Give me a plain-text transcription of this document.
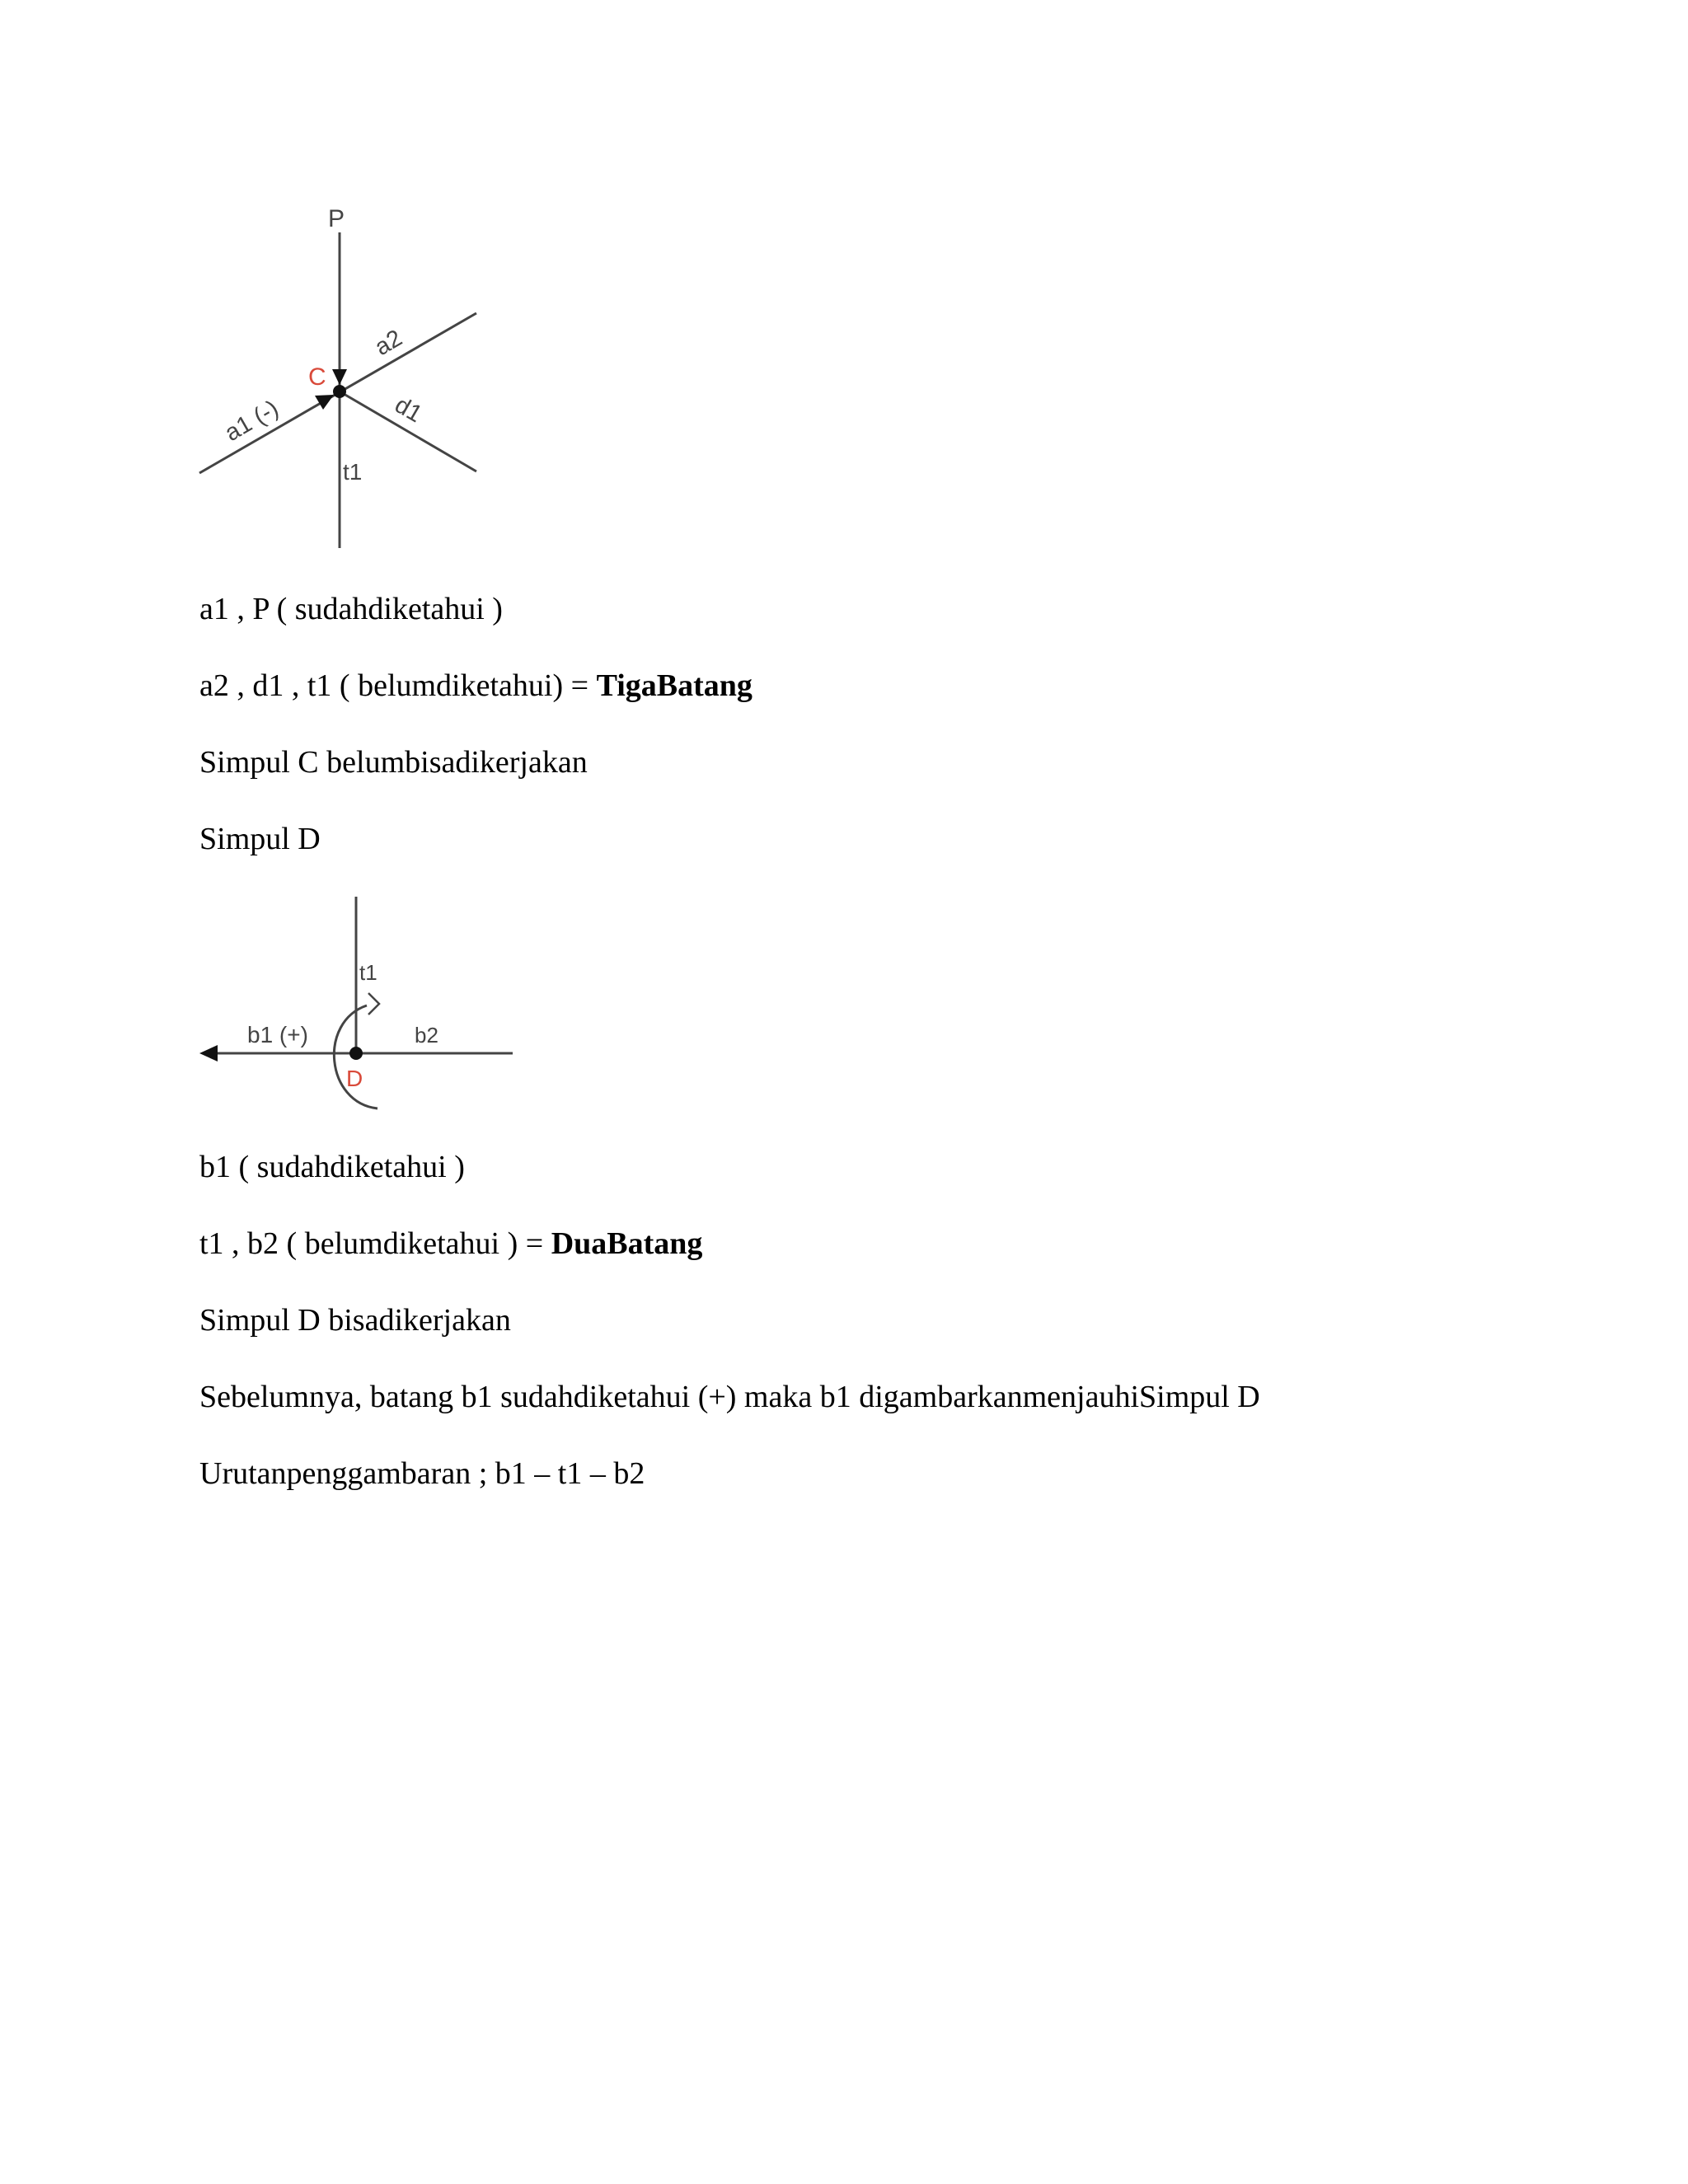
P
C
a1 (-)
a2
d1
t1

a1 , P ( sudahdiketahui )

a2 , d1 , t1 ( belumdiketahui) = TigaBatang

Simpul C belumbisadikerjakan

Simpul D

t1
b1 (+)	b2
D

b1 ( sudahdiketahui )

t1 , b2 ( belumdiketahui ) = DuaBatang

Simpul D bisadikerjakan

Sebelumnya, batang b1 sudahdiketahui (+) maka b1 digambarkanmenjauhiSimpul D

Urutanpenggambaran ; b1 – t1 – b2
